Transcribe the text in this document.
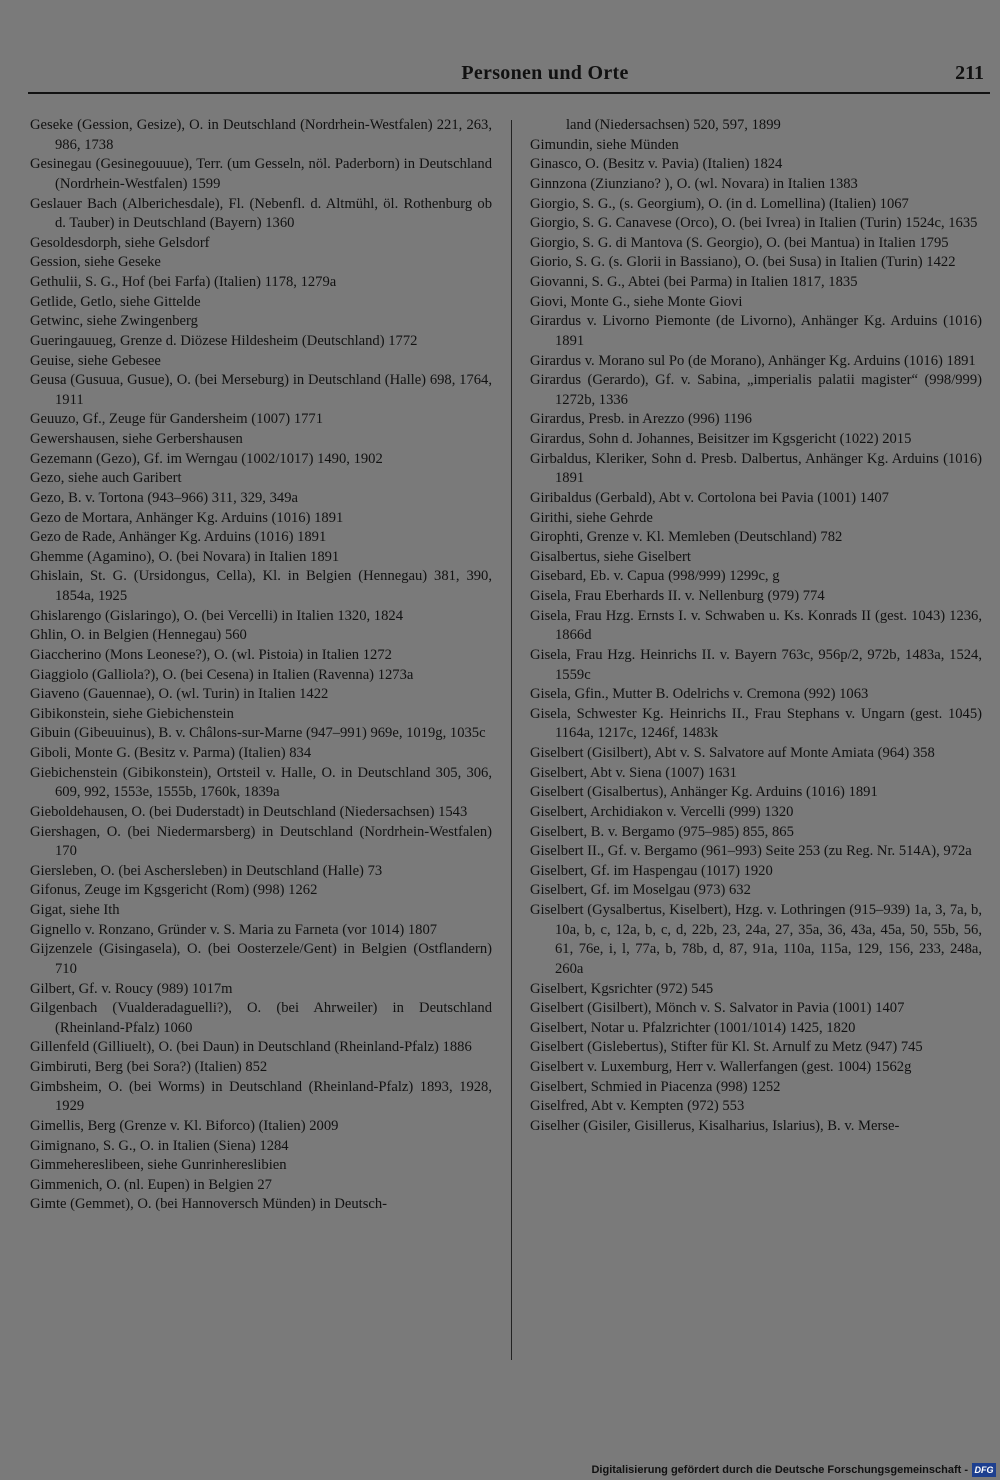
Personen und Orte	211

Geseke (Gession, Gesize), O. in Deutschland (Nordrhein-Westfalen) 221, 263, 986, 1738

Gesinegau (Gesinegouuue), Terr. (um Gesseln, nöl. Paderborn) in Deutschland (Nordrhein-Westfalen) 1599

Geslauer Bach (Alberichesdale), Fl. (Nebenfl. d. Altmühl, öl. Rothenburg ob d. Tauber) in Deutschland (Bayern) 1360

Gesoldesdorph, siehe Gelsdorf

Gession, siehe Geseke

Gethulii, S. G., Hof (bei Farfa) (Italien) 1178, 1279a

Getlide, Getlo, siehe Gittelde

Getwinc, siehe Zwingenberg

Gueringauueg, Grenze d. Diözese Hildesheim (Deutschland) 1772

Geuise, siehe Gebesee

Geusa (Gusuua, Gusue), O. (bei Merseburg) in Deutschland (Halle) 698, 1764, 1911

Geuuzo, Gf., Zeuge für Gandersheim (1007) 1771

Gewershausen, siehe Gerbershausen

Gezemann (Gezo), Gf. im Werngau (1002/1017) 1490, 1902

Gezo, siehe auch Garibert

Gezo, B. v. Tortona (943–966) 311, 329, 349a

Gezo de Mortara, Anhänger Kg. Arduins (1016) 1891

Gezo de Rade, Anhänger Kg. Arduins (1016) 1891

Ghemme (Agamino), O. (bei Novara) in Italien 1891

Ghislain, St. G. (Ursidongus, Cella), Kl. in Belgien (Hennegau) 381, 390, 1854a, 1925

Ghislarengo (Gislaringo), O. (bei Vercelli) in Italien 1320, 1824

Ghlin, O. in Belgien (Hennegau) 560

Giaccherino (Mons Leonese?), O. (wl. Pistoia) in Italien 1272

Giaggiolo (Galliola?), O. (bei Cesena) in Italien (Ravenna) 1273a

Giaveno (Gauennae), O. (wl. Turin) in Italien 1422

Gibikonstein, siehe Giebichenstein

Gibuin (Gibeuuinus), B. v. Châlons-sur-Marne (947–991) 969e, 1019g, 1035c

Giboli, Monte G. (Besitz v. Parma) (Italien) 834

Giebichenstein (Gibikonstein), Ortsteil v. Halle, O. in Deutschland 305, 306, 609, 992, 1553e, 1555b, 1760k, 1839a

Gieboldehausen, O. (bei Duderstadt) in Deutschland (Niedersachsen) 1543

Giershagen, O. (bei Niedermarsberg) in Deutschland (Nordrhein-Westfalen) 170

Giersleben, O. (bei Aschersleben) in Deutschland (Halle) 73

Gifonus, Zeuge im Kgsgericht (Rom) (998) 1262

Gigat, siehe Ith

Gignello v. Ronzano, Gründer v. S. Maria zu Farneta (vor 1014) 1807

Gijzenzele (Gisingasela), O. (bei Oosterzele/Gent) in Belgien (Ostflandern) 710

Gilbert, Gf. v. Roucy (989) 1017m

Gilgenbach (Vualderadaguelli?), O. (bei Ahrweiler) in Deutschland (Rheinland-Pfalz) 1060

Gillenfeld (Gilliuelt), O. (bei Daun) in Deutschland (Rheinland-Pfalz) 1886

Gimbiruti, Berg (bei Sora?) (Italien) 852

Gimbsheim, O. (bei Worms) in Deutschland (Rheinland-Pfalz) 1893, 1928, 1929

Gimellis, Berg (Grenze v. Kl. Biforco) (Italien) 2009

Gimignano, S. G., O. in Italien (Siena) 1284

Gimmehereslibeen, siehe Gunrinhereslibien

Gimmenich, O. (nl. Eupen) in Belgien 27

Gimte (Gemmet), O. (bei Hannoversch Münden) in Deutsch-

land (Niedersachsen) 520, 597, 1899

Gimundin, siehe Münden

Ginasco, O. (Besitz v. Pavia) (Italien) 1824

Ginnzona (Ziunziano? ), O. (wl. Novara) in Italien 1383

Giorgio, S. G., (s. Georgium), O. (in d. Lomellina) (Italien) 1067

Giorgio, S. G. Canavese (Orco), O. (bei Ivrea) in Italien (Turin) 1524c, 1635

Giorgio, S. G. di Mantova (S. Georgio), O. (bei Mantua) in Italien 1795

Giorio, S. G. (s. Glorii in Bassiano), O. (bei Susa) in Italien (Turin) 1422

Giovanni, S. G., Abtei (bei Parma) in Italien 1817, 1835

Giovi, Monte G., siehe Monte Giovi

Girardus v. Livorno Piemonte (de Livorno), Anhänger Kg. Arduins (1016) 1891

Girardus v. Morano sul Po (de Morano), Anhänger Kg. Arduins (1016) 1891

Girardus (Gerardo), Gf. v. Sabina, „imperialis palatii magister“ (998/999) 1272b, 1336

Girardus, Presb. in Arezzo (996) 1196

Girardus, Sohn d. Johannes, Beisitzer im Kgsgericht (1022) 2015

Girbaldus, Kleriker, Sohn d. Presb. Dalbertus, Anhänger Kg. Arduins (1016) 1891

Giribaldus (Gerbald), Abt v. Cortolona bei Pavia (1001) 1407

Girithi, siehe Gehrde

Girophti, Grenze v. Kl. Memleben (Deutschland) 782

Gisalbertus, siehe Giselbert

Gisebard, Eb. v. Capua (998/999) 1299c, g

Gisela, Frau Eberhards II. v. Nellenburg (979) 774

Gisela, Frau Hzg. Ernsts I. v. Schwaben u. Ks. Konrads II (gest. 1043) 1236, 1866d

Gisela, Frau Hzg. Heinrichs II. v. Bayern 763c, 956p/2, 972b, 1483a, 1524, 1559c

Gisela, Gfin., Mutter B. Odelrichs v. Cremona (992) 1063

Gisela, Schwester Kg. Heinrichs II., Frau Stephans v. Ungarn (gest. 1045) 1164a, 1217c, 1246f, 1483k

Giselbert (Gisilbert), Abt v. S. Salvatore auf Monte Amiata (964) 358

Giselbert, Abt v. Siena (1007) 1631

Giselbert (Gisalbertus), Anhänger Kg. Arduins (1016) 1891

Giselbert, Archidiakon v. Vercelli (999) 1320

Giselbert, B. v. Bergamo (975–985) 855, 865

Giselbert II., Gf. v. Bergamo (961–993) Seite 253 (zu Reg. Nr. 514A), 972a

Giselbert, Gf. im Haspengau (1017) 1920

Giselbert, Gf. im Moselgau (973) 632

Giselbert (Gysalbertus, Kiselbert), Hzg. v. Lothringen (915–939) 1a, 3, 7a, b, 10a, b, c, 12a, b, c, d, 22b, 23, 24a, 27, 35a, 36, 43a, 45a, 50, 55b, 56, 61, 76e, i, l, 77a, b, 78b, d, 87, 91a, 110a, 115a, 129, 156, 233, 248a, 260a

Giselbert, Kgsrichter (972) 545

Giselbert (Gisilbert), Mönch v. S. Salvator in Pavia (1001) 1407

Giselbert, Notar u. Pfalzrichter (1001/1014) 1425, 1820

Giselbert (Gislebertus), Stifter für Kl. St. Arnulf zu Metz (947) 745

Giselbert v. Luxemburg, Herr v. Wallerfangen (gest. 1004) 1562g

Giselbert, Schmied in Piacenza (998) 1252

Giselfred, Abt v. Kempten (972) 553

Giselher (Gisiler, Gisillerus, Kisalharius, Islarius), B. v. Merse-

Digitalisierung gefördert durch die Deutsche Forschungsgemeinschaft - DFG
